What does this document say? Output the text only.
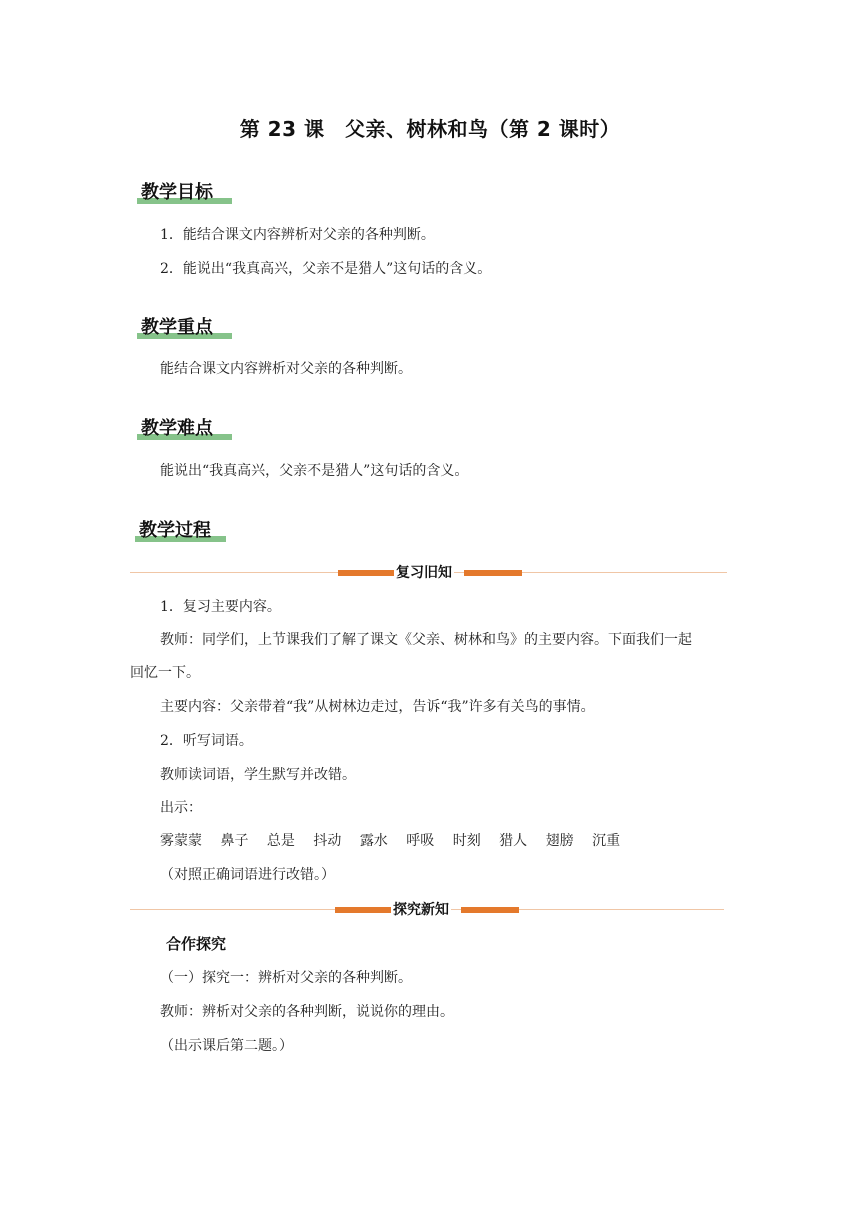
第 23 课　父亲、树林和鸟（第 2 课时）
教学目标
1．能结合课文内容辨析对父亲的各种判断。
2．能说出“我真高兴，父亲不是猎人”这句话的含义。
教学重点
能结合课文内容辨析对父亲的各种判断。
教学难点
能说出“我真高兴，父亲不是猎人”这句话的含义。
教学过程
复习旧知
1．复习主要内容。
教师：同学们，上节课我们了解了课文《父亲、树林和鸟》的主要内容。下面我们一起
回忆一下。
主要内容：父亲带着“我”从树林边走过，告诉“我”许多有关鸟的事情。
2．听写词语。
教师读词语，学生默写并改错。
出示：
雾蒙蒙 鼻子 总是 抖动 露水 呼吸 时刻 猎人 翅膀 沉重
（对照正确词语进行改错。）
探究新知
合作探究
（一）探究一：辨析对父亲的各种判断。
教师：辨析对父亲的各种判断，说说你的理由。
（出示课后第二题。）
